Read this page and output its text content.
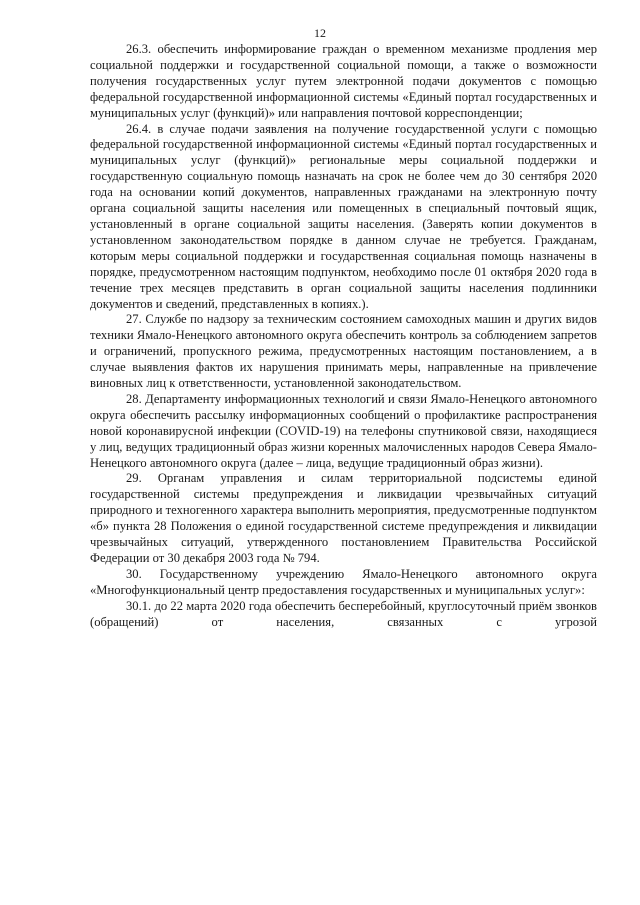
12

26.3. обеспечить информирование граждан о временном механизме продления мер социальной поддержки и государственной социальной помощи, а также о возможности получения государственных услуг путем электронной подачи документов с помощью федеральной государственной информационной системы «Единый портал государственных и муниципальных услуг (функций)» или направления почтовой корреспонденции;

26.4. в случае подачи заявления на получение государственной услуги с помощью федеральной государственной информационной системы «Единый портал государственных и муниципальных услуг (функций)» региональные меры социальной поддержки и государственную социальную помощь назначать на срок не более чем до 30 сентября 2020 года на основании копий документов, направленных гражданами на электронную почту органа социальной защиты населения или помещенных в специальный почтовый ящик, установленный в органе социальной защиты населения. (Заверять копии документов в установленном законодательством порядке в данном случае не требуется. Гражданам, которым меры социальной поддержки и государственная социальная помощь назначены в порядке, предусмотренном настоящим подпунктом, необходимо после 01 октября 2020 года в течение трех месяцев представить в орган социальной защиты населения подлинники документов и сведений, представленных в копиях.).

27. Службе по надзору за техническим состоянием самоходных машин и других видов техники Ямало-Ненецкого автономного округа обеспечить контроль за соблюдением запретов и ограничений, пропускного режима, предусмотренных настоящим постановлением, а в случае выявления фактов их нарушения принимать меры, направленные на привлечение виновных лиц к ответственности, установленной законодательством.

28. Департаменту информационных технологий и связи Ямало-Ненецкого автономного округа обеспечить рассылку информационных сообщений о профилактике распространения новой коронавирусной инфекции (COVID-19) на телефоны спутниковой связи, находящиеся у лиц, ведущих традиционный образ жизни коренных малочисленных народов Севера Ямало-Ненецкого автономного округа (далее – лица, ведущие традиционный образ жизни).

29. Органам управления и силам территориальной подсистемы единой государственной системы предупреждения и ликвидации чрезвычайных ситуаций природного и техногенного характера выполнить мероприятия, предусмотренные подпунктом «б» пункта 28 Положения о единой государственной системе предупреждения и ликвидации чрезвычайных ситуаций, утвержденного постановлением Правительства Российской Федерации от 30 декабря 2003 года № 794.

30. Государственному учреждению Ямало-Ненецкого автономного округа «Многофункциональный центр предоставления государственных и муниципальных услуг»:

30.1. до 22 марта 2020 года обеспечить бесперебойный, круглосуточный приём звонков (обращений) от населения, связанных с угрозой
